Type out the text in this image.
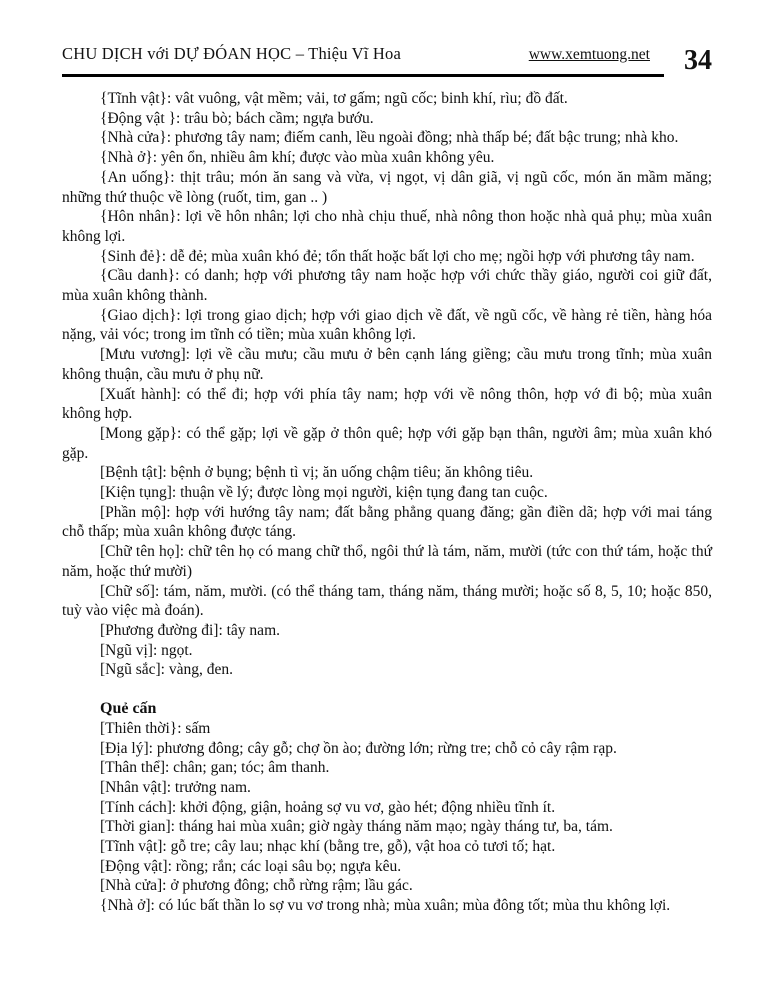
CHU DỊCH với DỰ ĐÓAN HỌC – Thiệu Vĩ Hoa	www.xemtuong.net 34

{Tĩnh vật}: vât vuông, vật mềm; vải, tơ gấm; ngũ cốc; binh khí, rìu; đồ đất.

{Động vật }: trâu bò; bách cầm; ngựa bướu.

{Nhà cửa}: phương tây nam; điếm canh, lều ngoài đồng; nhà thấp bé; đất bậc trung; nhà kho.

{Nhà ở}: yên ổn, nhiều âm khí; được vào mùa xuân không yêu.

{An uống}: thịt trâu; món ăn sang và vừa, vị ngọt, vị dân giã, vị ngũ cốc, món ăn mầm măng; những thứ thuộc về lòng (ruốt, tim, gan .. )

{Hôn nhân}: lợi về hôn nhân; lợi cho nhà chịu thuế, nhà nông thon hoặc nhà quả phụ; mùa xuân không lợi.

{Sinh đẻ}: dễ đẻ; mùa xuân khó đẻ; tổn thất hoặc bất lợi cho mẹ; ngồi hợp với phương tây nam.

{Cầu danh}: có danh; hợp với phương tây nam hoặc hợp với chức thầy giáo, người coi giữ đất, mùa xuân không thành.

{Giao dịch}: lợi trong giao dịch; hợp với giao dịch về đất, về ngũ cốc, về hàng rẻ tiền, hàng hóa nặng, vải vóc; trong im tĩnh có tiền; mùa xuân không lợi.

[Mưu vương]: lợi về cầu mưu; cầu mưu ở bên cạnh láng giềng; cầu mưu trong tĩnh; mùa xuân không thuận, cầu mưu ở phụ nữ.

[Xuất hành]: có thể đi; hợp với phía tây nam; hợp với về nông thôn, hợp vớ đi bộ; mùa xuân không hợp.

[Mong gặp}: có thể gặp; lợi về gặp ở thôn quê; hợp với gặp bạn thân, người âm; mùa xuân khó gặp.

[Bệnh tật]: bệnh ở bụng; bệnh tì vị; ăn uống chậm tiêu; ăn không tiêu.

[Kiện tụng]: thuận về lý; được lòng mọi người, kiện tụng đang tan cuộc.

[Phần mộ]: hợp với hướng tây nam; đất bằng phẳng quang đăng; gần điền dã; hợp với mai táng chỗ thấp; mùa xuân không được táng.

[Chữ tên họ]: chữ tên họ có mang chữ thổ, ngôi thứ là tám, năm, mười (tức con thứ tám, hoặc thứ năm, hoặc thứ mười)

[Chữ số]: tám, năm, mười. (có thể tháng tam, tháng năm, tháng mười; hoặc số 8, 5, 10; hoặc 850, tuỳ vào việc mà đoán).

[Phương đường đi]: tây nam.

[Ngũ vị]: ngọt.

[Ngũ sắc]: vàng, đen.

Quẻ cấn

[Thiên thời}: sấm

[Địa lý]: phương đông; cây gỗ; chợ ồn ào; đường lớn; rừng tre; chỗ cỏ cây rậm rạp.

[Thân thể]: chân; gan; tóc; âm thanh.

[Nhân vật]: trưởng nam.

[Tính cách]: khởi động, giận, hoảng sợ vu vơ, gào hét; động nhiều tĩnh ít.

[Thời gian]: tháng hai mùa xuân; giờ ngày tháng năm mạo; ngày tháng tư, ba, tám.

[Tĩnh vật]: gỗ tre; cây lau; nhạc khí (bằng tre, gỗ), vật hoa cỏ tươi tố; hạt.

[Động vật]: rồng; rắn; các loại sâu bọ; ngựa kêu.

[Nhà cửa]: ở phương đông; chỗ rừng rậm; lầu gác.

{Nhà ở]: có lúc bất thần lo sợ vu vơ trong nhà; mùa xuân; mùa đông tốt; mùa thu không lợi.
